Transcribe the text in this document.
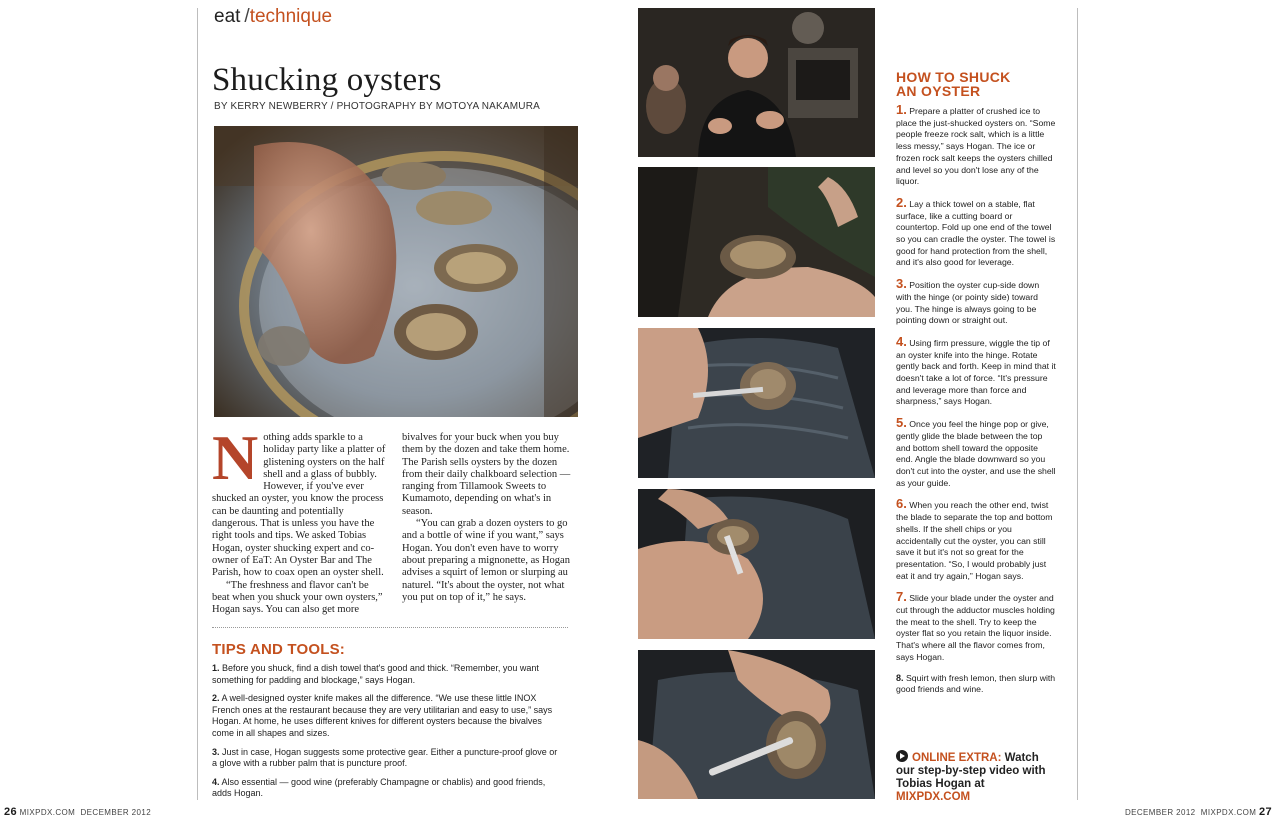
eat /technique
Shucking oysters
BY KERRY NEWBERRY / PHOTOGRAPHY BY MOTOYA NAKAMURA
N othing adds sparkle to a holiday party like a platter of glistening oysters on the half shell and a glass of bubbly. However, if you've ever shucked an oyster, you know the process can be daunting and potentially dangerous. That is unless you have the right tools and tips. We asked Tobias Hogan, oyster shucking expert and co-owner of EaT: An Oyster Bar and The Parish, how to coax open an oyster shell.

“The freshness and flavor can't be beat when you shuck your own oysters,” Hogan says. You can also get more

bivalves for your buck when you buy them by the dozen and take them home. The Parish sells oysters by the dozen from their daily chalkboard selection — ranging from Tillamook Sweets to Kumamoto, depending on what's in season.

“You can grab a dozen oysters to go and a bottle of wine if you want,” says Hogan. You don't even have to worry about preparing a mignonette, as Hogan advises a squirt of lemon or slurping au naturel. “It's about the oyster, not what you put on top of it,” he says.

TIPS AND TOOLS:
1. Before you shuck, find a dish towel that's good and thick. “Remember, you want something for padding and blockage,” says Hogan.
2. A well-designed oyster knife makes all the difference. “We use these little INOX French ones at the restaurant because they are very utilitarian and easy to use,” says Hogan. At home, he uses different knives for different oysters because the bivalves come in all shapes and sizes.
3. Just in case, Hogan suggests some protective gear. Either a puncture-proof glove or a glove with a rubber palm that is puncture proof.
4. Also essential — good wine (preferably Champagne or chablis) and good friends, adds Hogan.
HOW TO SHUCK
AN OYSTER
1. Prepare a platter of crushed ice to place the just-shucked oysters on. “Some people freeze rock salt, which is a little less messy,” says Hogan. The ice or frozen rock salt keeps the oysters chilled and level so you don't lose any of the liquor.
2. Lay a thick towel on a stable, flat surface, like a cutting board or countertop. Fold up one end of the towel so you can cradle the oyster. The towel is good for hand protection from the shell, and it's also good for leverage.
3. Position the oyster cup-side down with the hinge (or pointy side) toward you. The hinge is always going to be pointing down or straight out.
4. Using firm pressure, wiggle the tip of an oyster knife into the hinge. Rotate gently back and forth. Keep in mind that it doesn't take a lot of force. “It's pressure and leverage more than force and sharpness,” says Hogan.
5. Once you feel the hinge pop or give, gently glide the blade between the top and bottom shell toward the opposite end. Angle the blade downward so you don't cut into the oyster, and use the shell as your guide.
6. When you reach the other end, twist the blade to separate the top and bottom shells. If the shell chips or you accidentally cut the oyster, you can still save it but it's not so great for the presentation. “So, I would probably just eat it and try again,” Hogan says.
7. Slide your blade under the oyster and cut through the adductor muscles holding the meat to the shell. Try to keep the oyster flat so you retain the liquor inside. That's where all the flavor comes from, says Hogan.
8. Squirt with fresh lemon, then slurp with good friends and wine.
ONLINE EXTRA: Watch our step-by-step video with Tobias Hogan at MIXPDX.COM
26 MIXPDX.COM DECEMBER 2012	DECEMBER 2012 MIXPDX.COM 27
